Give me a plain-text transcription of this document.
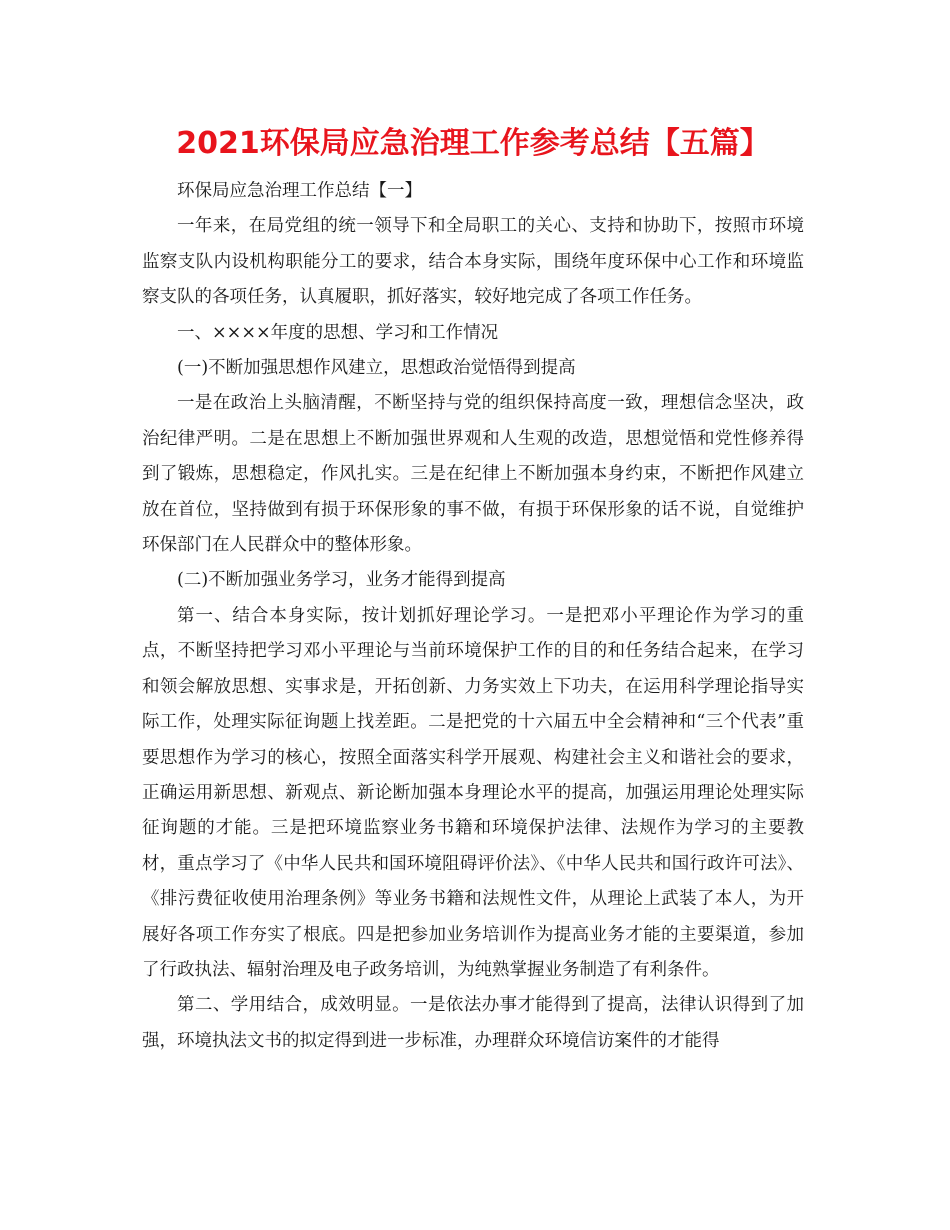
2021环保局应急治理工作参考总结【五篇】

环保局应急治理工作总结【一】

一年来，在局党组的统一领导下和全局职工的关心、支持和协助下，按照市环境监察支队内设机构职能分工的要求，结合本身实际，围绕年度环保中心工作和环境监察支队的各项任务，认真履职，抓好落实，较好地完成了各项工作任务。

一、××××年度的思想、学习和工作情况

(一)不断加强思想作风建立，思想政治觉悟得到提高

一是在政治上头脑清醒，不断坚持与党的组织保持高度一致，理想信念坚决，政治纪律严明。二是在思想上不断加强世界观和人生观的改造，思想觉悟和党性修养得到了锻炼，思想稳定，作风扎实。三是在纪律上不断加强本身约束，不断把作风建立放在首位，坚持做到有损于环保形象的事不做，有损于环保形象的话不说，自觉维护环保部门在人民群众中的整体形象。

(二)不断加强业务学习，业务才能得到提高

第一、结合本身实际，按计划抓好理论学习。一是把邓小平理论作为学习的重点，不断坚持把学习邓小平理论与当前环境保护工作的目的和任务结合起来，在学习和领会解放思想、实事求是，开拓创新、力务实效上下功夫，在运用科学理论指导实际工作，处理实际征询题上找差距。二是把党的十六届五中全会精神和“三个代表”重要思想作为学习的核心，按照全面落实科学开展观、构建社会主义和谐社会的要求，正确运用新思想、新观点、新论断加强本身理论水平的提高，加强运用理论处理实际征询题的才能。三是把环境监察业务书籍和环境保护法律、法规作为学习的主要教材，重点学习了《中华人民共和国环境阻碍评价法》、《中华人民共和国行政许可法》、《排污费征收使用治理条例》等业务书籍和法规性文件，从理论上武装了本人，为开展好各项工作夯实了根底。四是把参加业务培训作为提高业务才能的主要渠道，参加了行政执法、辐射治理及电子政务培训，为纯熟掌握业务制造了有利条件。

第二、学用结合，成效明显。一是依法办事才能得到了提高，法律认识得到了加强，环境执法文书的拟定得到进一步标准，办理群众环境信访案件的才能得
